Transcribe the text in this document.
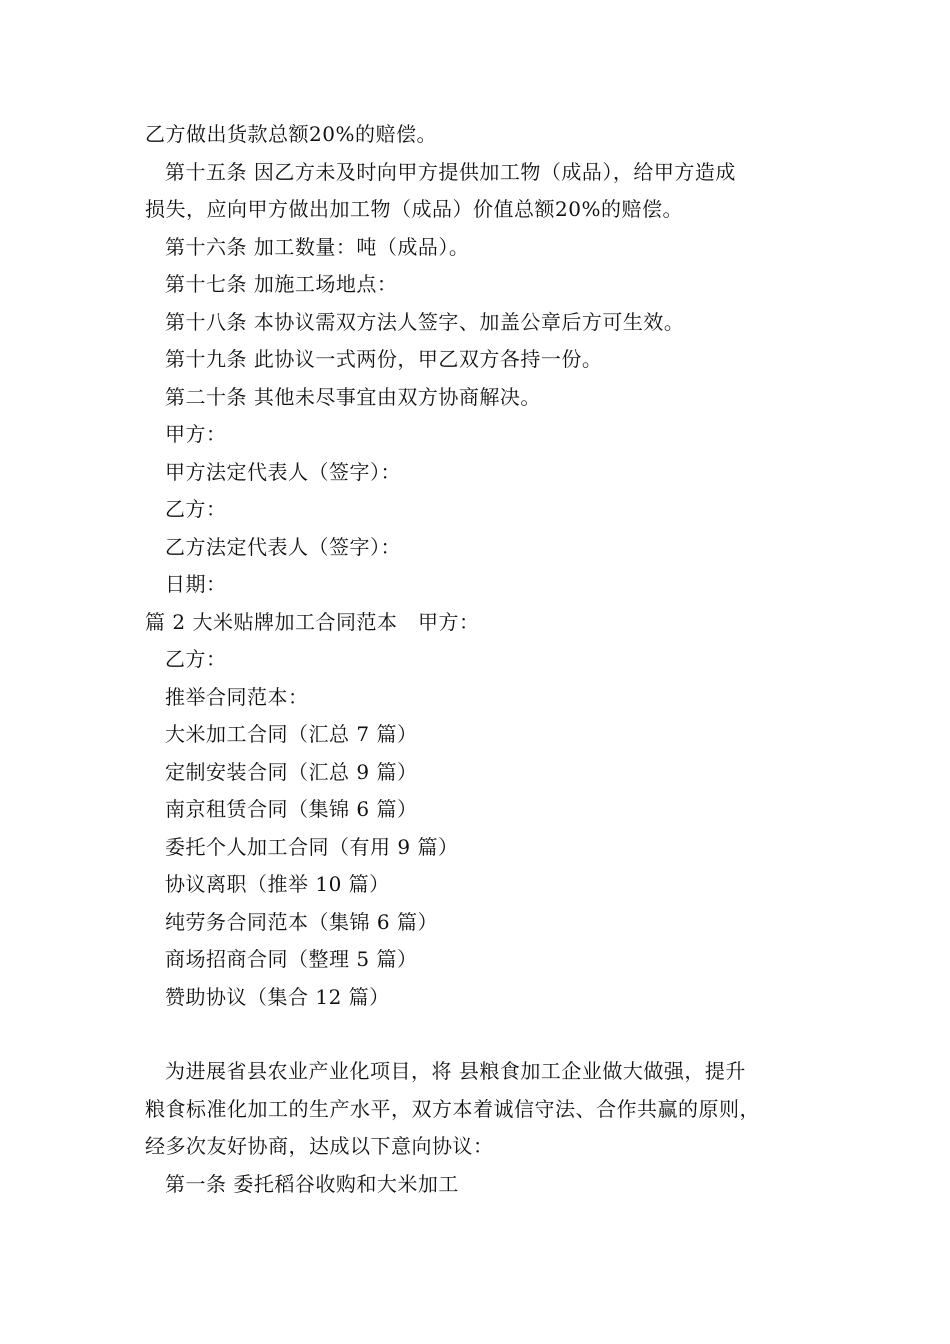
乙方做出货款总额20%的赔偿。
第十五条 因乙方未及时向甲方提供加工物（成品），给甲方造成
损失，应向甲方做出加工物（成品）价值总额20%的赔偿。
第十六条 加工数量：吨（成品）。
第十七条 加施工场地点：
第十八条 本协议需双方法人签字、加盖公章后方可生效。
第十九条 此协议一式两份，甲乙双方各持一份。
第二十条 其他未尽事宜由双方协商解决。
甲方：
甲方法定代表人（签字）：
乙方：
乙方法定代表人（签字）：
日期：
篇 2 大米贴牌加工合同范本　甲方：
乙方：
推举合同范本：
大米加工合同（汇总 7 篇）
定制安装合同（汇总 9 篇）
南京租赁合同（集锦 6 篇）
委托个人加工合同（有用 9 篇）
协议离职（推举 10 篇）
纯劳务合同范本（集锦 6 篇）
商场招商合同（整理 5 篇）
赞助协议（集合 12 篇）
为进展省县农业产业化项目，将 县粮食加工企业做大做强，提升
粮食标准化加工的生产水平，双方本着诚信守法、合作共赢的原则，
经多次友好协商，达成以下意向协议：
第一条 委托稻谷收购和大米加工
